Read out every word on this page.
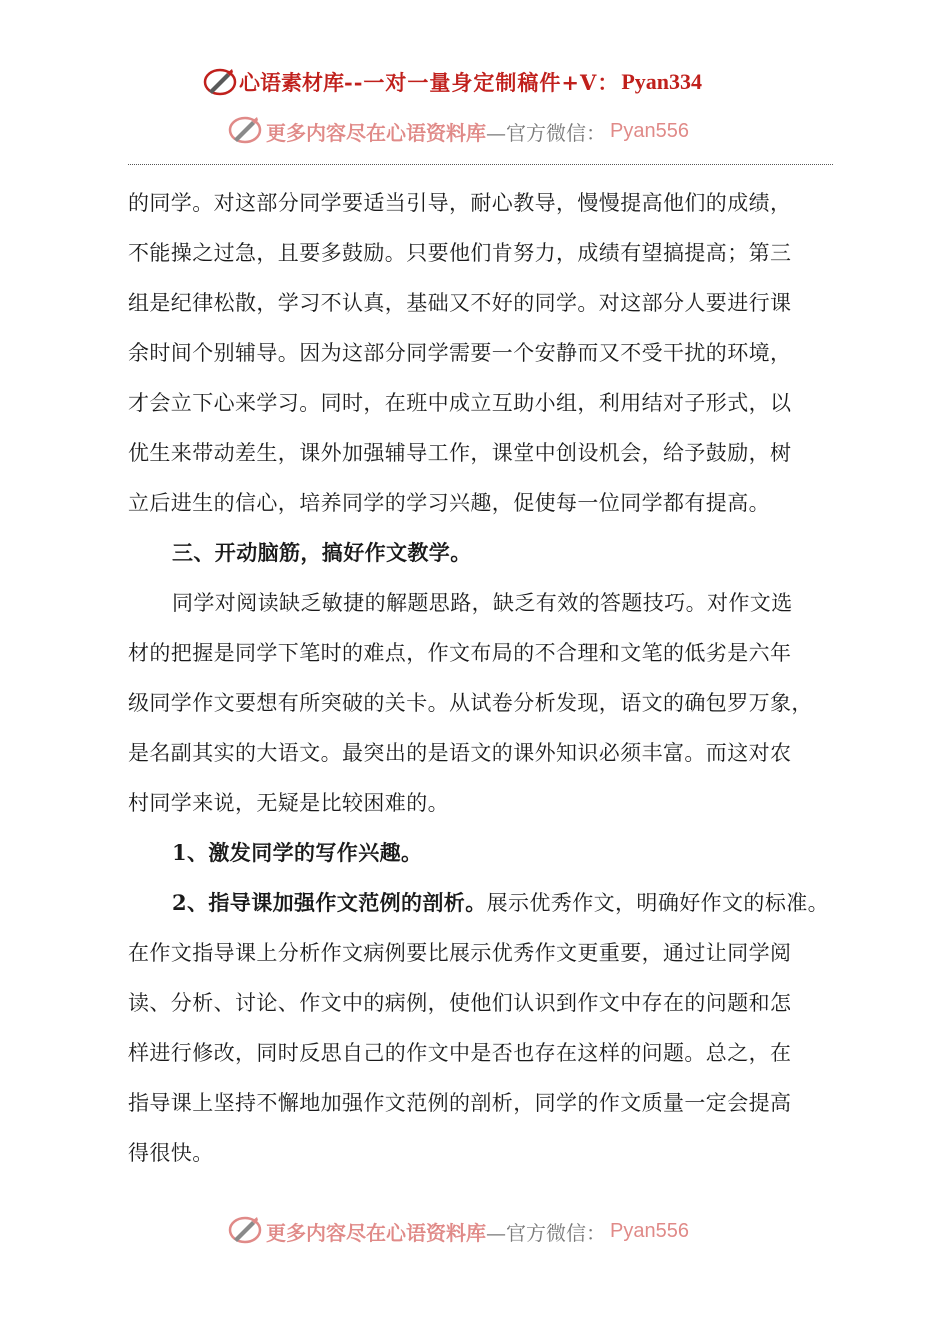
心语素材库 --一对一量身定制稿件+V： Pyan334
更多内容尽在心语资料库 —官方微信： Pyan556
的同学。对这部分同学要适当引导，耐心教导，慢慢提高他们的成绩，
不能操之过急，且要多鼓励。只要他们肯努力，成绩有望搞提高；第三
组是纪律松散，学习不认真，基础又不好的同学。对这部分人要进行课
余时间个别辅导。因为这部分同学需要一个安静而又不受干扰的环境，
才会立下心来学习。同时，在班中成立互助小组，利用结对子形式，以
优生来带动差生，课外加强辅导工作，课堂中创设机会，给予鼓励，树
立后进生的信心，培养同学的学习兴趣，促使每一位同学都有提高。
三、开动脑筋，搞好作文教学。
同学对阅读缺乏敏捷的解题思路，缺乏有效的答题技巧。对作文选
材的把握是同学下笔时的难点，作文布局的不合理和文笔的低劣是六年
级同学作文要想有所突破的关卡。从试卷分析发现，语文的确包罗万象，
是名副其实的大语文。最突出的是语文的课外知识必须丰富。而这对农
村同学来说，无疑是比较困难的。
1、激发同学的写作兴趣。
2、指导课加强作文范例的剖析。展示优秀作文，明确好作文的标准。
在作文指导课上分析作文病例要比展示优秀作文更重要，通过让同学阅
读、分析、讨论、作文中的病例，使他们认识到作文中存在的问题和怎
样进行修改，同时反思自己的作文中是否也存在这样的问题。总之，在
指导课上坚持不懈地加强作文范例的剖析，同学的作文质量一定会提高
得很快。
更多内容尽在心语资料库 —官方微信： Pyan556
